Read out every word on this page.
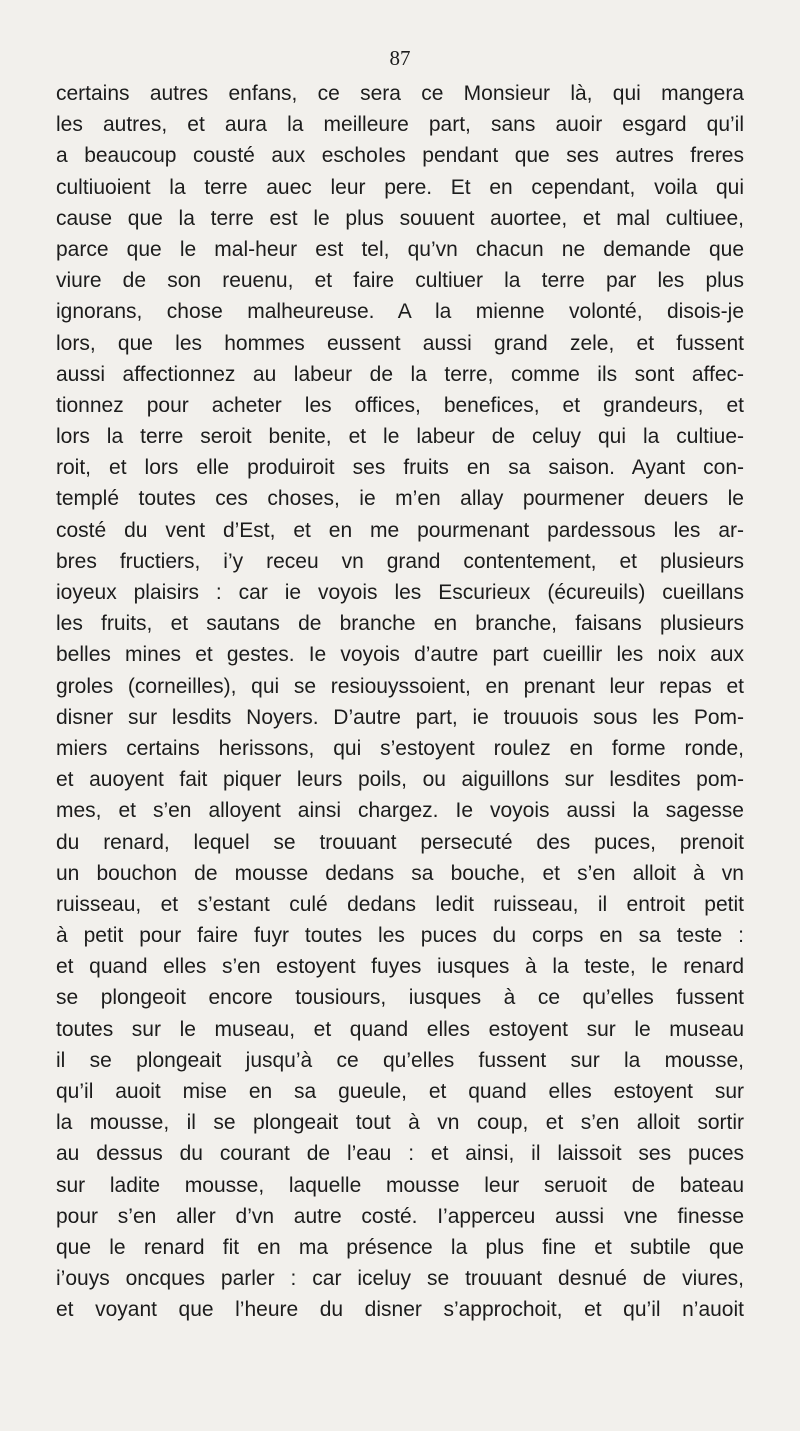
87
certains autres enfans, ce sera ce Monsieur là, qui mangera
les autres, et aura la meilleure part, sans auoir esgard qu’il
a beaucoup cousté aux eschoIes pendant que ses autres freres
cultiuoient la terre auec leur pere. Et en cependant, voila qui
cause que la terre est le plus souuent auortee, et mal cultiuee,
parce que le mal-heur est tel, qu’vn chacun ne demande que
viure de son reuenu, et faire cultiuer la terre par les plus
ignorans, chose malheureuse. A la mienne volonté, disois-je
lors, que les hommes eussent aussi grand zele, et fussent
aussi affectionnez au labeur de la terre, comme ils sont affec-
tionnez pour acheter les offices, benefices, et grandeurs, et
lors la terre seroit benite, et le labeur de celuy qui la cultiue-
roit, et lors elle produiroit ses fruits en sa saison. Ayant con-
templé toutes ces choses, ie m’en allay pourmener deuers le
costé du vent d’Est, et en me pourmenant pardessous les ar-
bres fructiers, i’y receu vn grand contentement, et plusieurs
ioyeux plaisirs : car ie voyois les Escurieux (écureuils) cueillans
les fruits, et sautans de branche en branche, faisans plusieurs
belles mines et gestes. Ie voyois d’autre part cueillir les noix aux
groles (corneilles), qui se resiouyssoient, en prenant leur repas et
disner sur lesdits Noyers. D’autre part, ie trouuois sous les Pom-
miers certains herissons, qui s’estoyent roulez en forme ronde,
et auoyent fait piquer leurs poils, ou aiguillons sur lesdites pom-
mes, et s’en alloyent ainsi chargez. Ie voyois aussi la sagesse
du renard, lequel se trouuant persecuté des puces, prenoit
un bouchon de mousse dedans sa bouche, et s’en alloit à vn
ruisseau, et s’estant culé dedans ledit ruisseau, il entroit petit
à petit pour faire fuyr toutes les puces du corps en sa teste :
et quand elles s’en estoyent fuyes iusques à la teste, le renard
se plongeoit encore tousiours, iusques à ce qu’elles fussent
toutes sur le museau, et quand elles estoyent sur le museau
il se plongeait jusqu’à ce qu’elles fussent sur la mousse,
qu’il auoit mise en sa gueule, et quand elles estoyent sur
la mousse, il se plongeait tout à vn coup, et s’en alloit sortir
au dessus du courant de l’eau : et ainsi, il laissoit ses puces
sur ladite mousse, laquelle mousse leur seruoit de bateau
pour s’en aller d’vn autre costé. I’apperceu aussi vne finesse
que le renard fit en ma présence la plus fine et subtile que
i’ouys oncques parler : car iceluy se trouuant desnué de viures,
et voyant que l’heure du disner s’approchoit, et qu’il n’auoit
